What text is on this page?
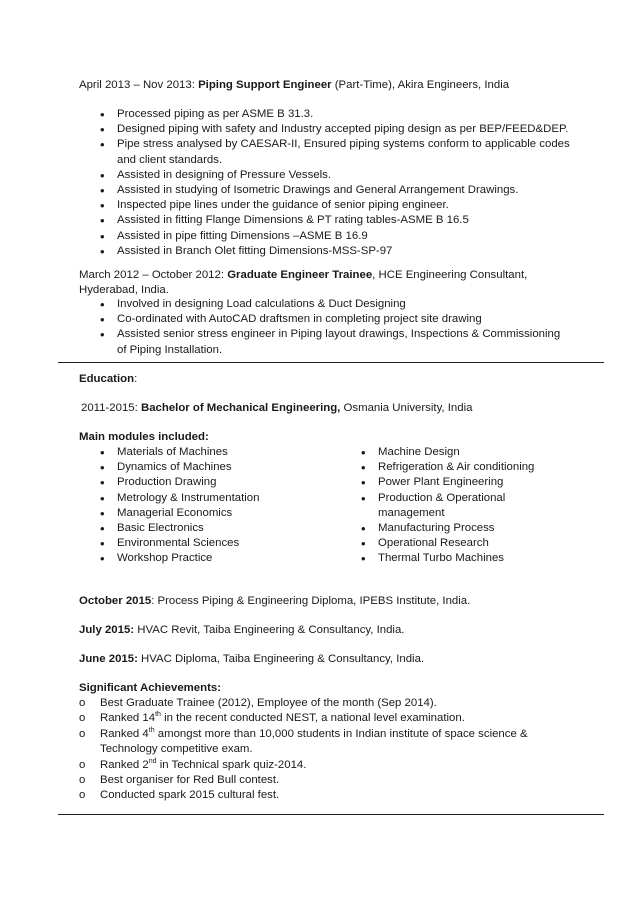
April 2013 – Nov 2013: Piping Support Engineer (Part-Time), Akira Engineers, India
• Processed piping as per ASME B 31.3.
• Designed piping with safety and Industry accepted piping design as per BEP/FEED&DEP.
• Pipe stress analysed by CAESAR-II, Ensured piping systems conform to applicable codes and client standards.
• Assisted in designing of Pressure Vessels.
• Assisted in studying of Isometric Drawings and General Arrangement Drawings.
• Inspected pipe lines under the guidance of senior piping engineer.
• Assisted in fitting Flange Dimensions & PT rating tables-ASME B 16.5
• Assisted in pipe fitting Dimensions –ASME B 16.9
• Assisted in Branch Olet fitting Dimensions-MSS-SP-97
March 2012 – October 2012: Graduate Engineer Trainee, HCE Engineering Consultant, Hyderabad, India.
• Involved in designing Load calculations & Duct Designing
• Co-ordinated with AutoCAD draftsmen in completing project site drawing
• Assisted senior stress engineer in Piping layout drawings, Inspections & Commissioning of Piping Installation.
Education:
2011-2015: Bachelor of Mechanical Engineering, Osmania University, India
Main modules included:
• Materials of Machines
• Dynamics of Machines
• Production Drawing
• Metrology & Instrumentation
• Managerial Economics
• Basic Electronics
• Environmental Sciences
• Workshop Practice
• Machine Design
• Refrigeration & Air conditioning
• Power Plant Engineering
• Production & Operational management
• Manufacturing Process
• Operational Research
• Thermal Turbo Machines
October 2015: Process Piping & Engineering Diploma, IPEBS Institute, India.
July 2015: HVAC Revit, Taiba Engineering & Consultancy, India.
June 2015: HVAC Diploma, Taiba Engineering & Consultancy, India.
Significant Achievements:
o Best Graduate Trainee (2012), Employee of the month (Sep 2014).
o Ranked 14th in the recent conducted NEST, a national level examination.
o Ranked 4th amongst more than 10,000 students in Indian institute of space science & Technology competitive exam.
o Ranked 2nd in Technical spark quiz-2014.
o Best organiser for Red Bull contest.
o Conducted spark 2015 cultural fest.
